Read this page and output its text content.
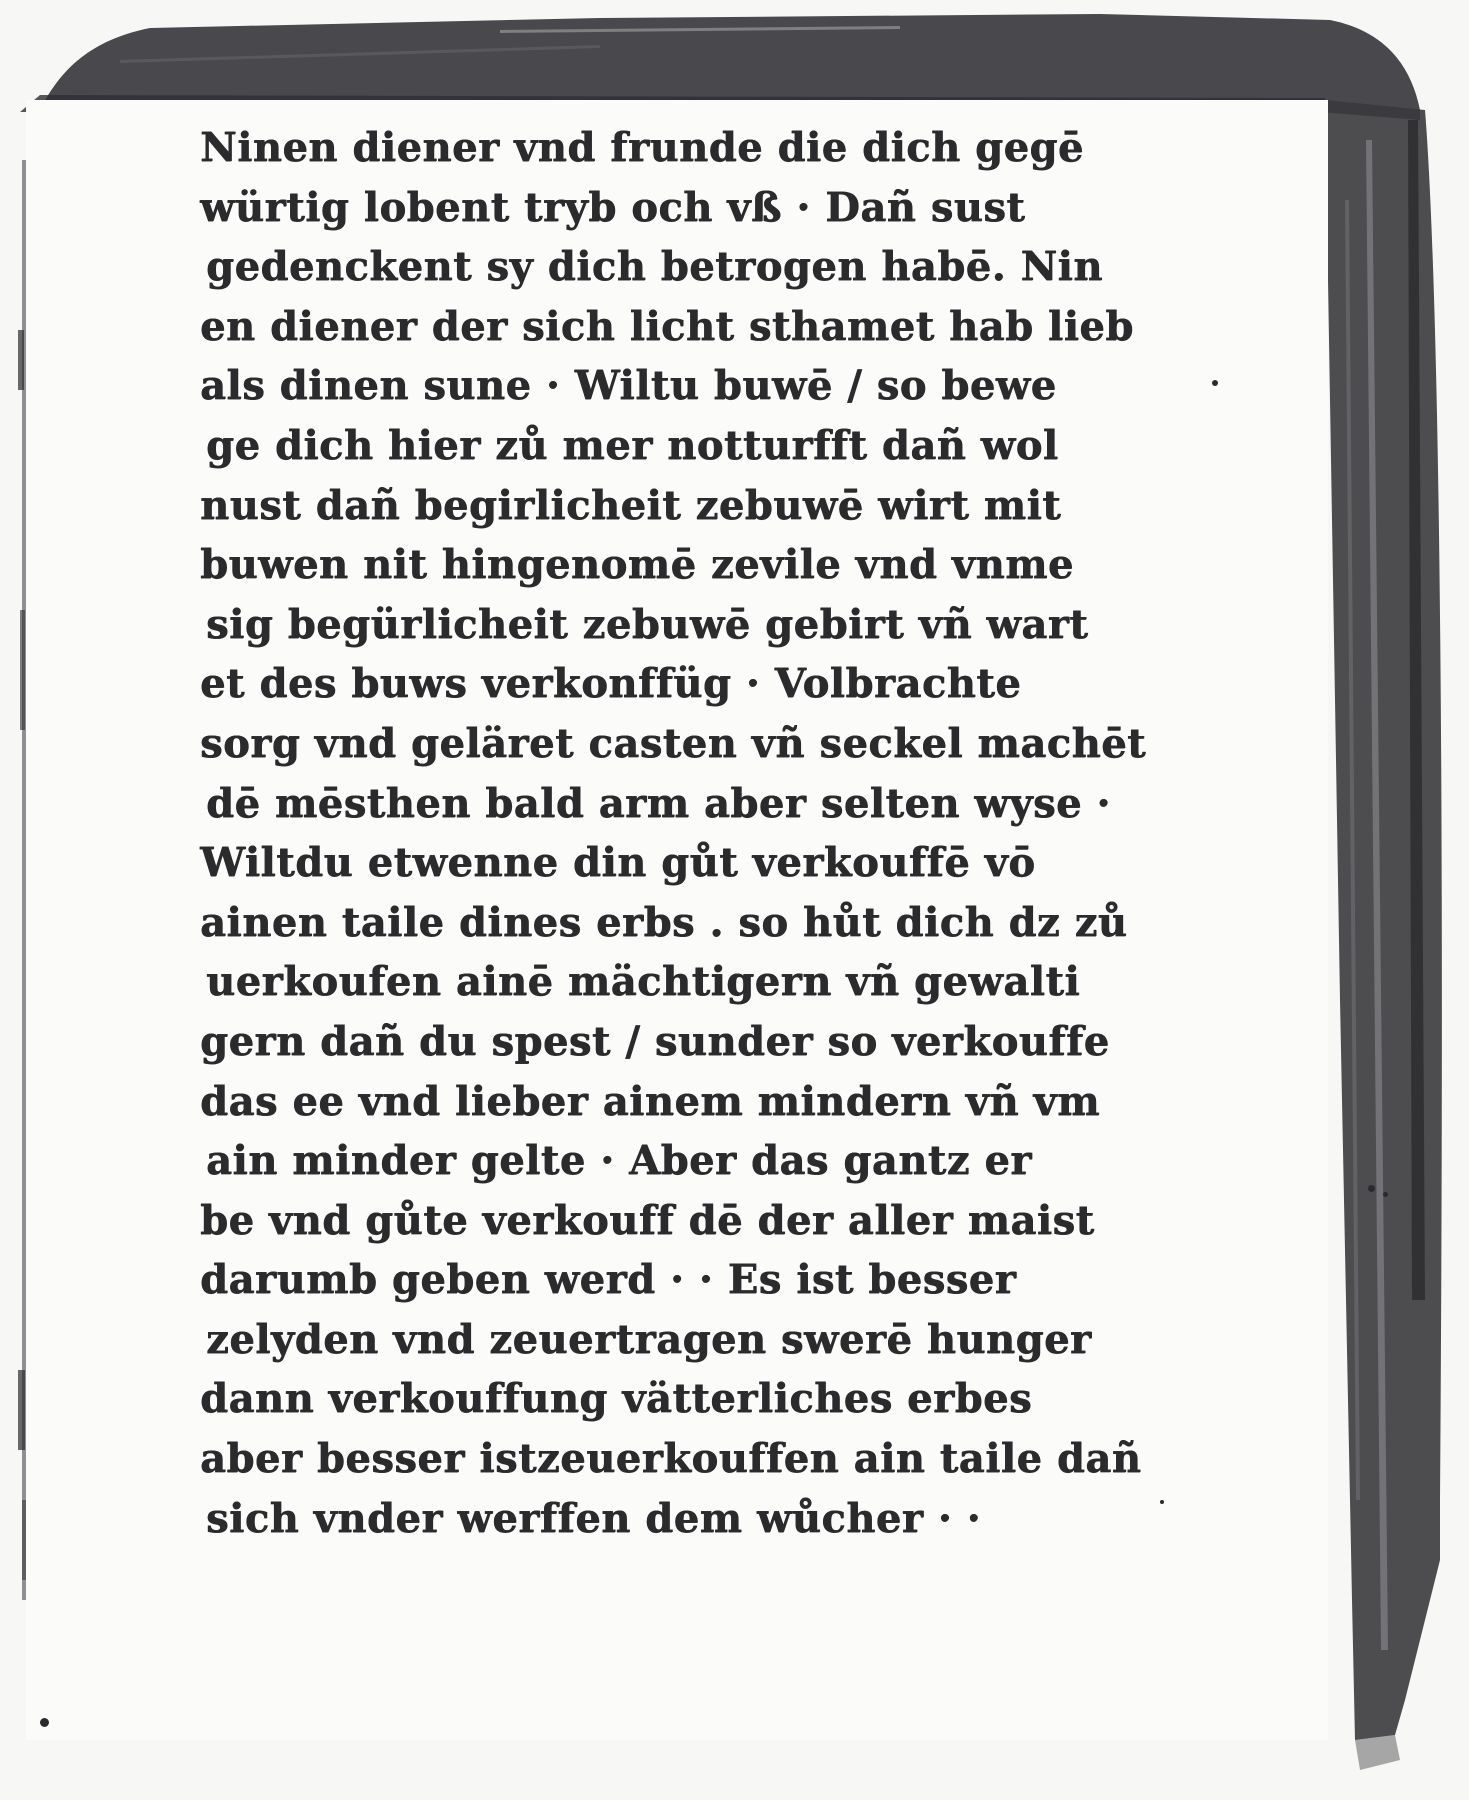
Ninen diener vnd frunde die dich gegē
würtig lobent tryb och vß · Dañ sust
gedenckent sy dich betrogen habē. Nin
en diener der sich licht sthamet hab lieb
als dinen sune · Wiltu buwē / so bewe
ge dich hier zů mer notturfft dañ wol
nust dañ begirlicheit zebuwē wirt mit
buwen nit hingenomē zevile vnd vnme
sig begürlicheit zebuwē gebirt vñ wart
et des buws verkonffüg · Volbrachte
sorg vnd geläret casten vñ seckel machēt
dē mēsthen bald arm aber selten wyse ·
Wiltdu etwenne din gůt verkouffē vō
ainen taile dines erbs . so hůt dich dz zů
uerkoufen ainē mächtigern vñ gewalti
gern dañ du spest / sunder so verkouffe
das ee vnd lieber ainem mindern vñ vm
ain minder gelte · Aber das gantz er
be vnd gůte verkouff dē der aller maist
darumb geben werd · · Es ist besser
zelyden vnd zeuertragen swerē hunger
dann verkouffung vätterliches erbes
aber besser istzeuerkouffen ain taile dañ
sich vnder werffen dem wůcher · ·
